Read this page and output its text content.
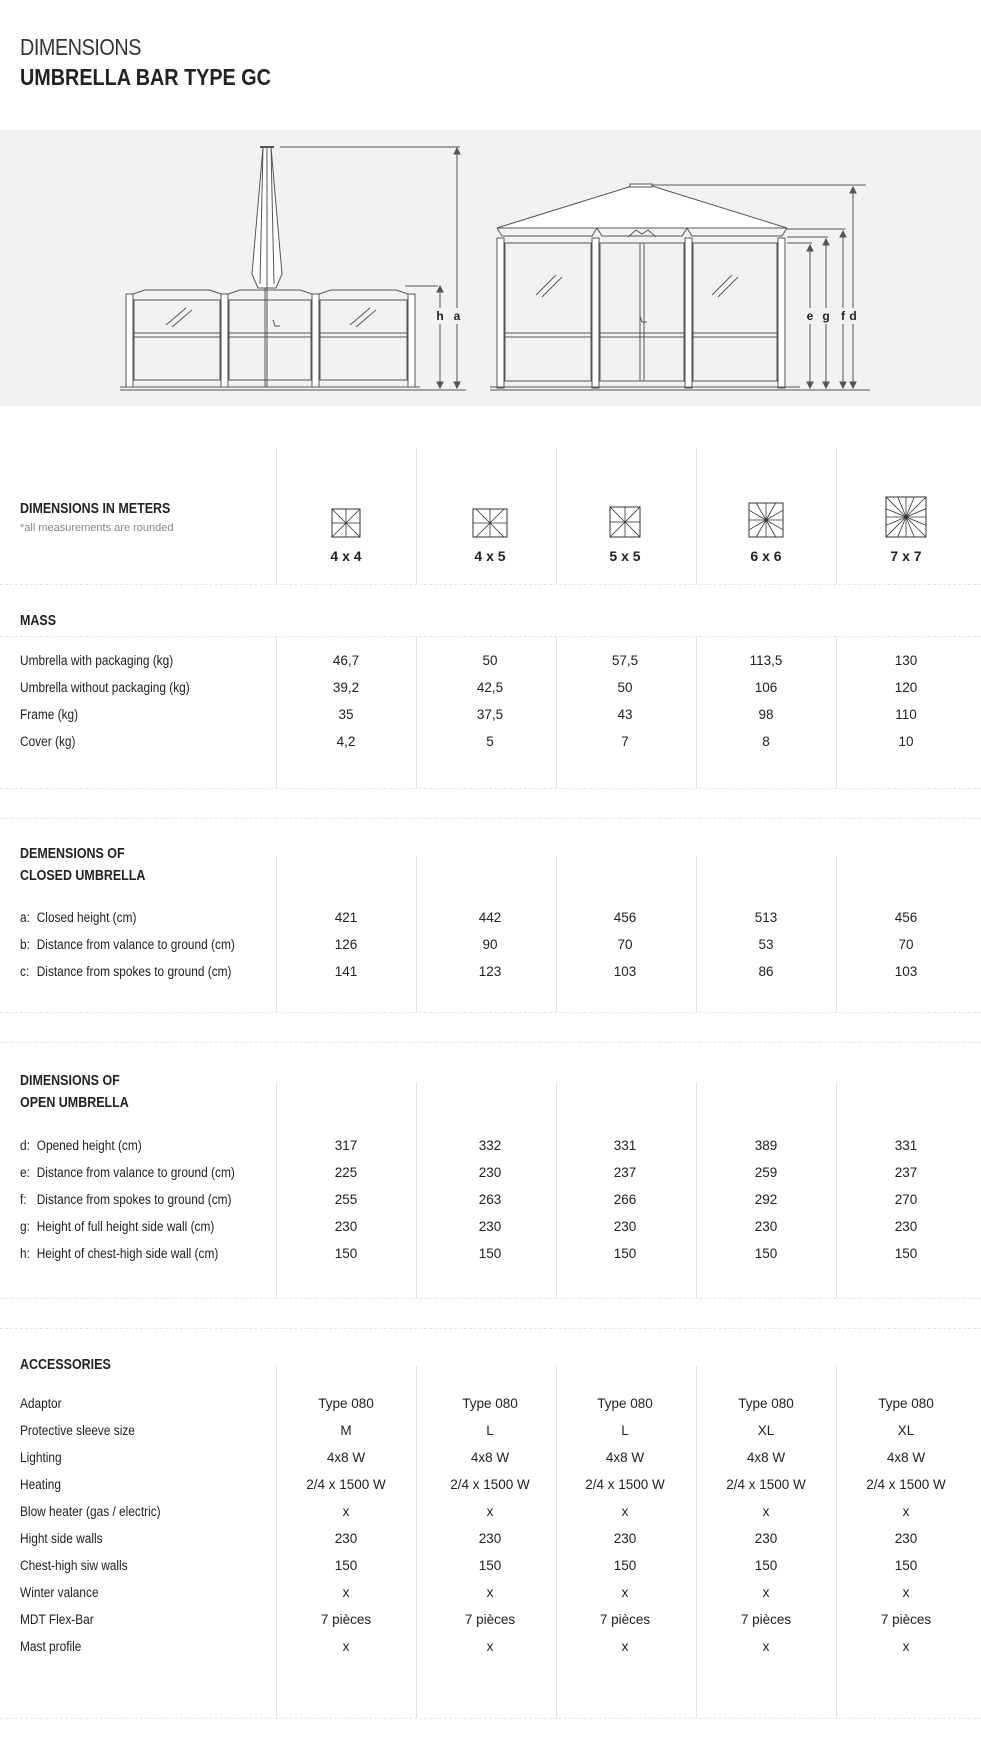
DIMENSIONS
UMBRELLA BAR TYPE GC
h a	e g f d
DIMENSIONS IN METERS
*all measurements are rounded
4 x 4	4 x 5	5 x 5	6 x 6	7 x 7
MASS
Umbrella with packaging (kg)	46,7	50	57,5	113,5	130
Umbrella without packaging (kg)	39,2	42,5	50	106	120
Frame (kg)	35	37,5	43	98	110
Cover (kg)	4,2	5	7	8	10
DEMENSIONS OF
CLOSED UMBRELLA
a: Closed height (cm)	421	442	456	513	456
b: Distance from valance to ground (cm)	126	90	70	53	70
c: Distance from spokes to ground (cm)	141	123	103	86	103
DIMENSIONS OF
OPEN UMBRELLA
d: Opened height (cm)	317	332	331	389	331
e: Distance from valance to ground (cm)	225	230	237	259	237
f: Distance from spokes to ground (cm)	255	263	266	292	270
g: Height of full height side wall (cm)	230	230	230	230	230
h: Height of chest-high side wall (cm)	150	150	150	150	150
ACCESSORIES
Adaptor	Type 080	Type 080	Type 080	Type 080	Type 080
Protective sleeve size	M	L	L	XL	XL
Lighting	4x8 W	4x8 W	4x8 W	4x8 W	4x8 W
Heating	2/4 x 1500 W	2/4 x 1500 W	2/4 x 1500 W	2/4 x 1500 W	2/4 x 1500 W
Blow heater (gas / electric)	x	x	x	x	x
Hight side walls	230	230	230	230	230
Chest-high siw walls	150	150	150	150	150
Winter valance	x	x	x	x	x
MDT Flex-Bar	7 pièces	7 pièces	7 pièces	7 pièces	7 pièces
Mast profile	x	x	x	x	x
